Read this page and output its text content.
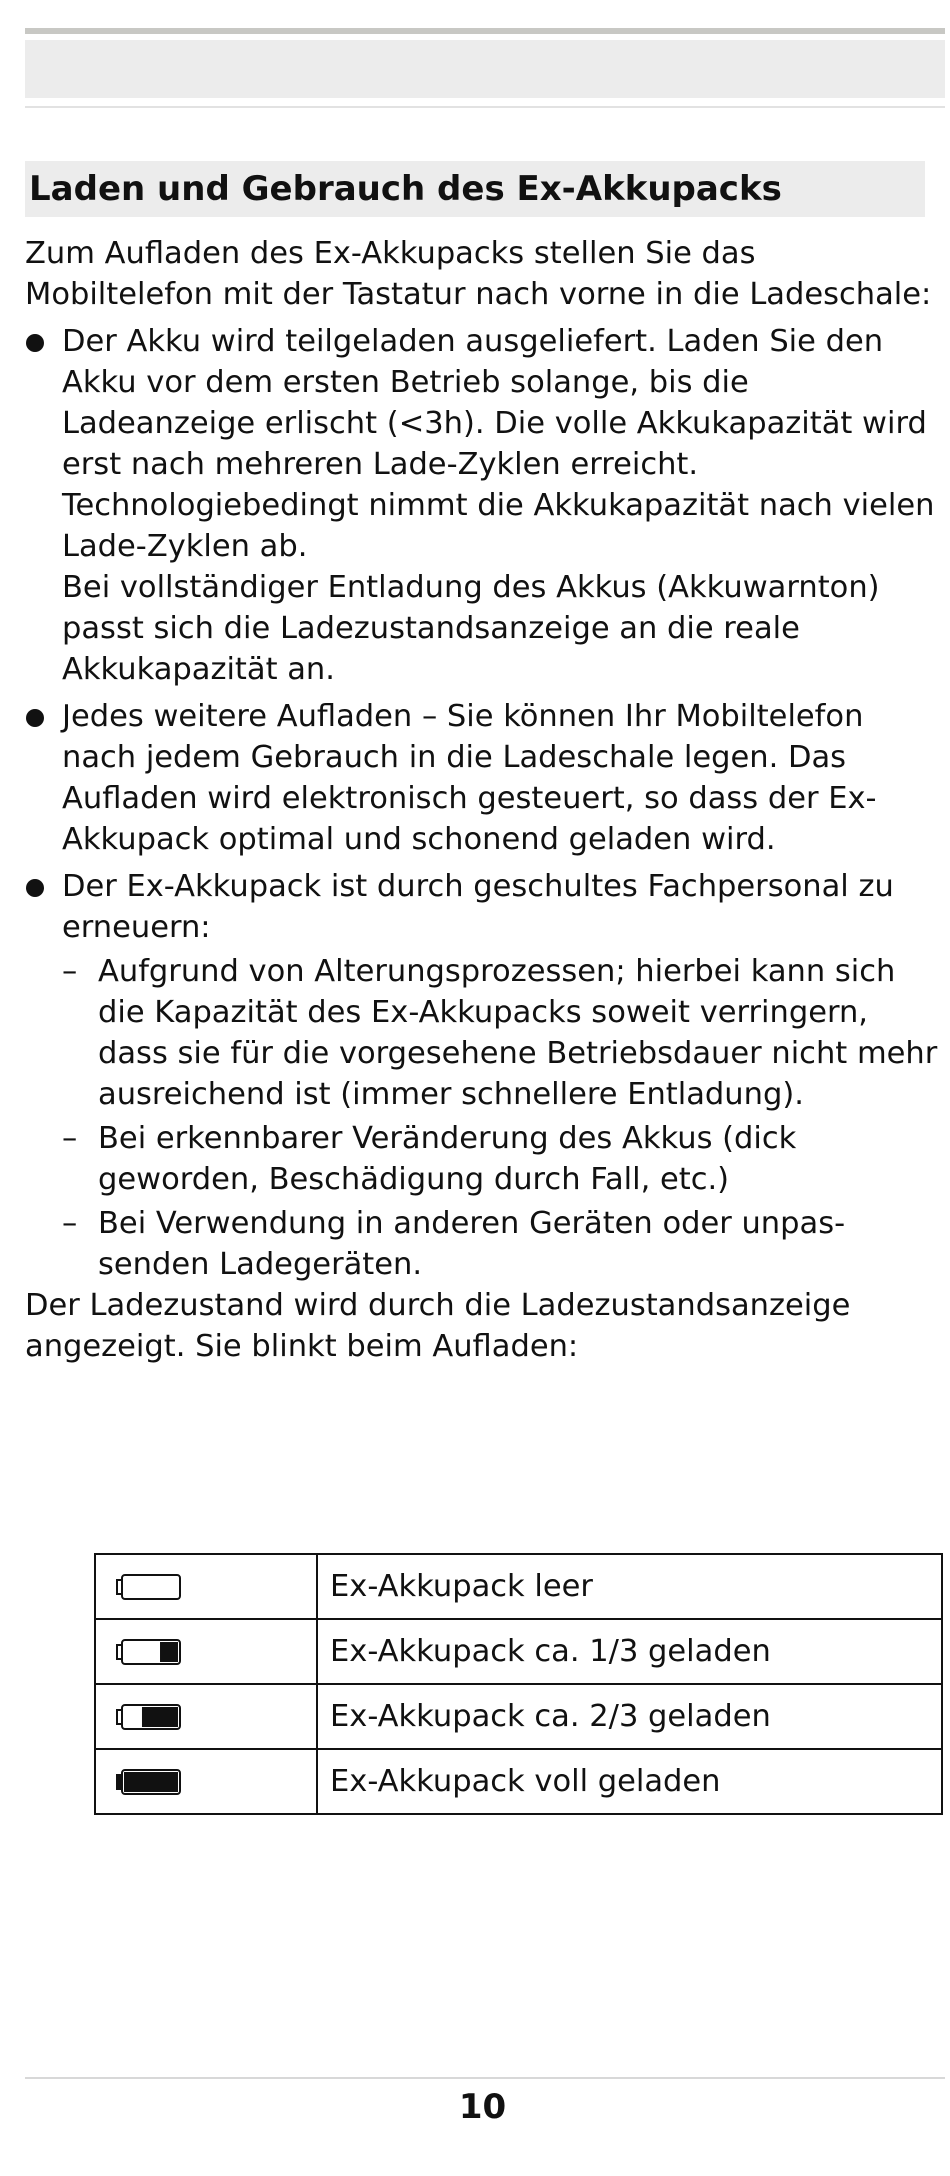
Laden und Gebrauch des Ex-Akkupacks

Zum Aufladen des Ex-Akkupacks stellen Sie das Mobiltelefon mit der Tastatur nach vorne in die Ladeschale:

Der Akku wird teilgeladen ausgeliefert. Laden Sie den Akku vor dem ersten Betrieb solange, bis die Ladeanzeige erlischt (<3h). Die volle Akkukapazität wird erst nach mehreren Lade-Zyklen erreicht. Technologiebedingt nimmt die Akkukapazität nach vielen Lade-Zyklen ab.

Bei vollständiger Entladung des Akkus (Akkuwarnton) passt sich die Ladezustandsanzeige an die reale Akkukapazität an.

Jedes weitere Aufladen – Sie können Ihr Mobiltelefon nach jedem Gebrauch in die Ladeschale legen. Das Aufladen wird elektronisch gesteuert, so dass der Ex-Akkupack optimal und schonend geladen wird.

Der Ex-Akkupack ist durch geschultes Fachpersonal zu erneuern:

– Aufgrund von Alterungsprozessen; hierbei kann sich die Kapazität des Ex-Akkupacks soweit verringern, dass sie für die vorgesehene Betriebsdauer nicht mehr ausreichend ist (immer schnellere Entladung).

– Bei erkennbarer Veränderung des Akkus (dick geworden, Beschädigung durch Fall, etc.)

– Bei Verwendung in anderen Geräten oder unpassenden Ladegeräten.

Der Ladezustand wird durch die Ladezustandsanzeige angezeigt. Sie blinkt beim Aufladen:

	Ex-Akkupack leer

	Ex-Akkupack ca. 1/3 geladen

	Ex-Akkupack ca. 2/3 geladen

	Ex-Akkupack voll geladen
10
